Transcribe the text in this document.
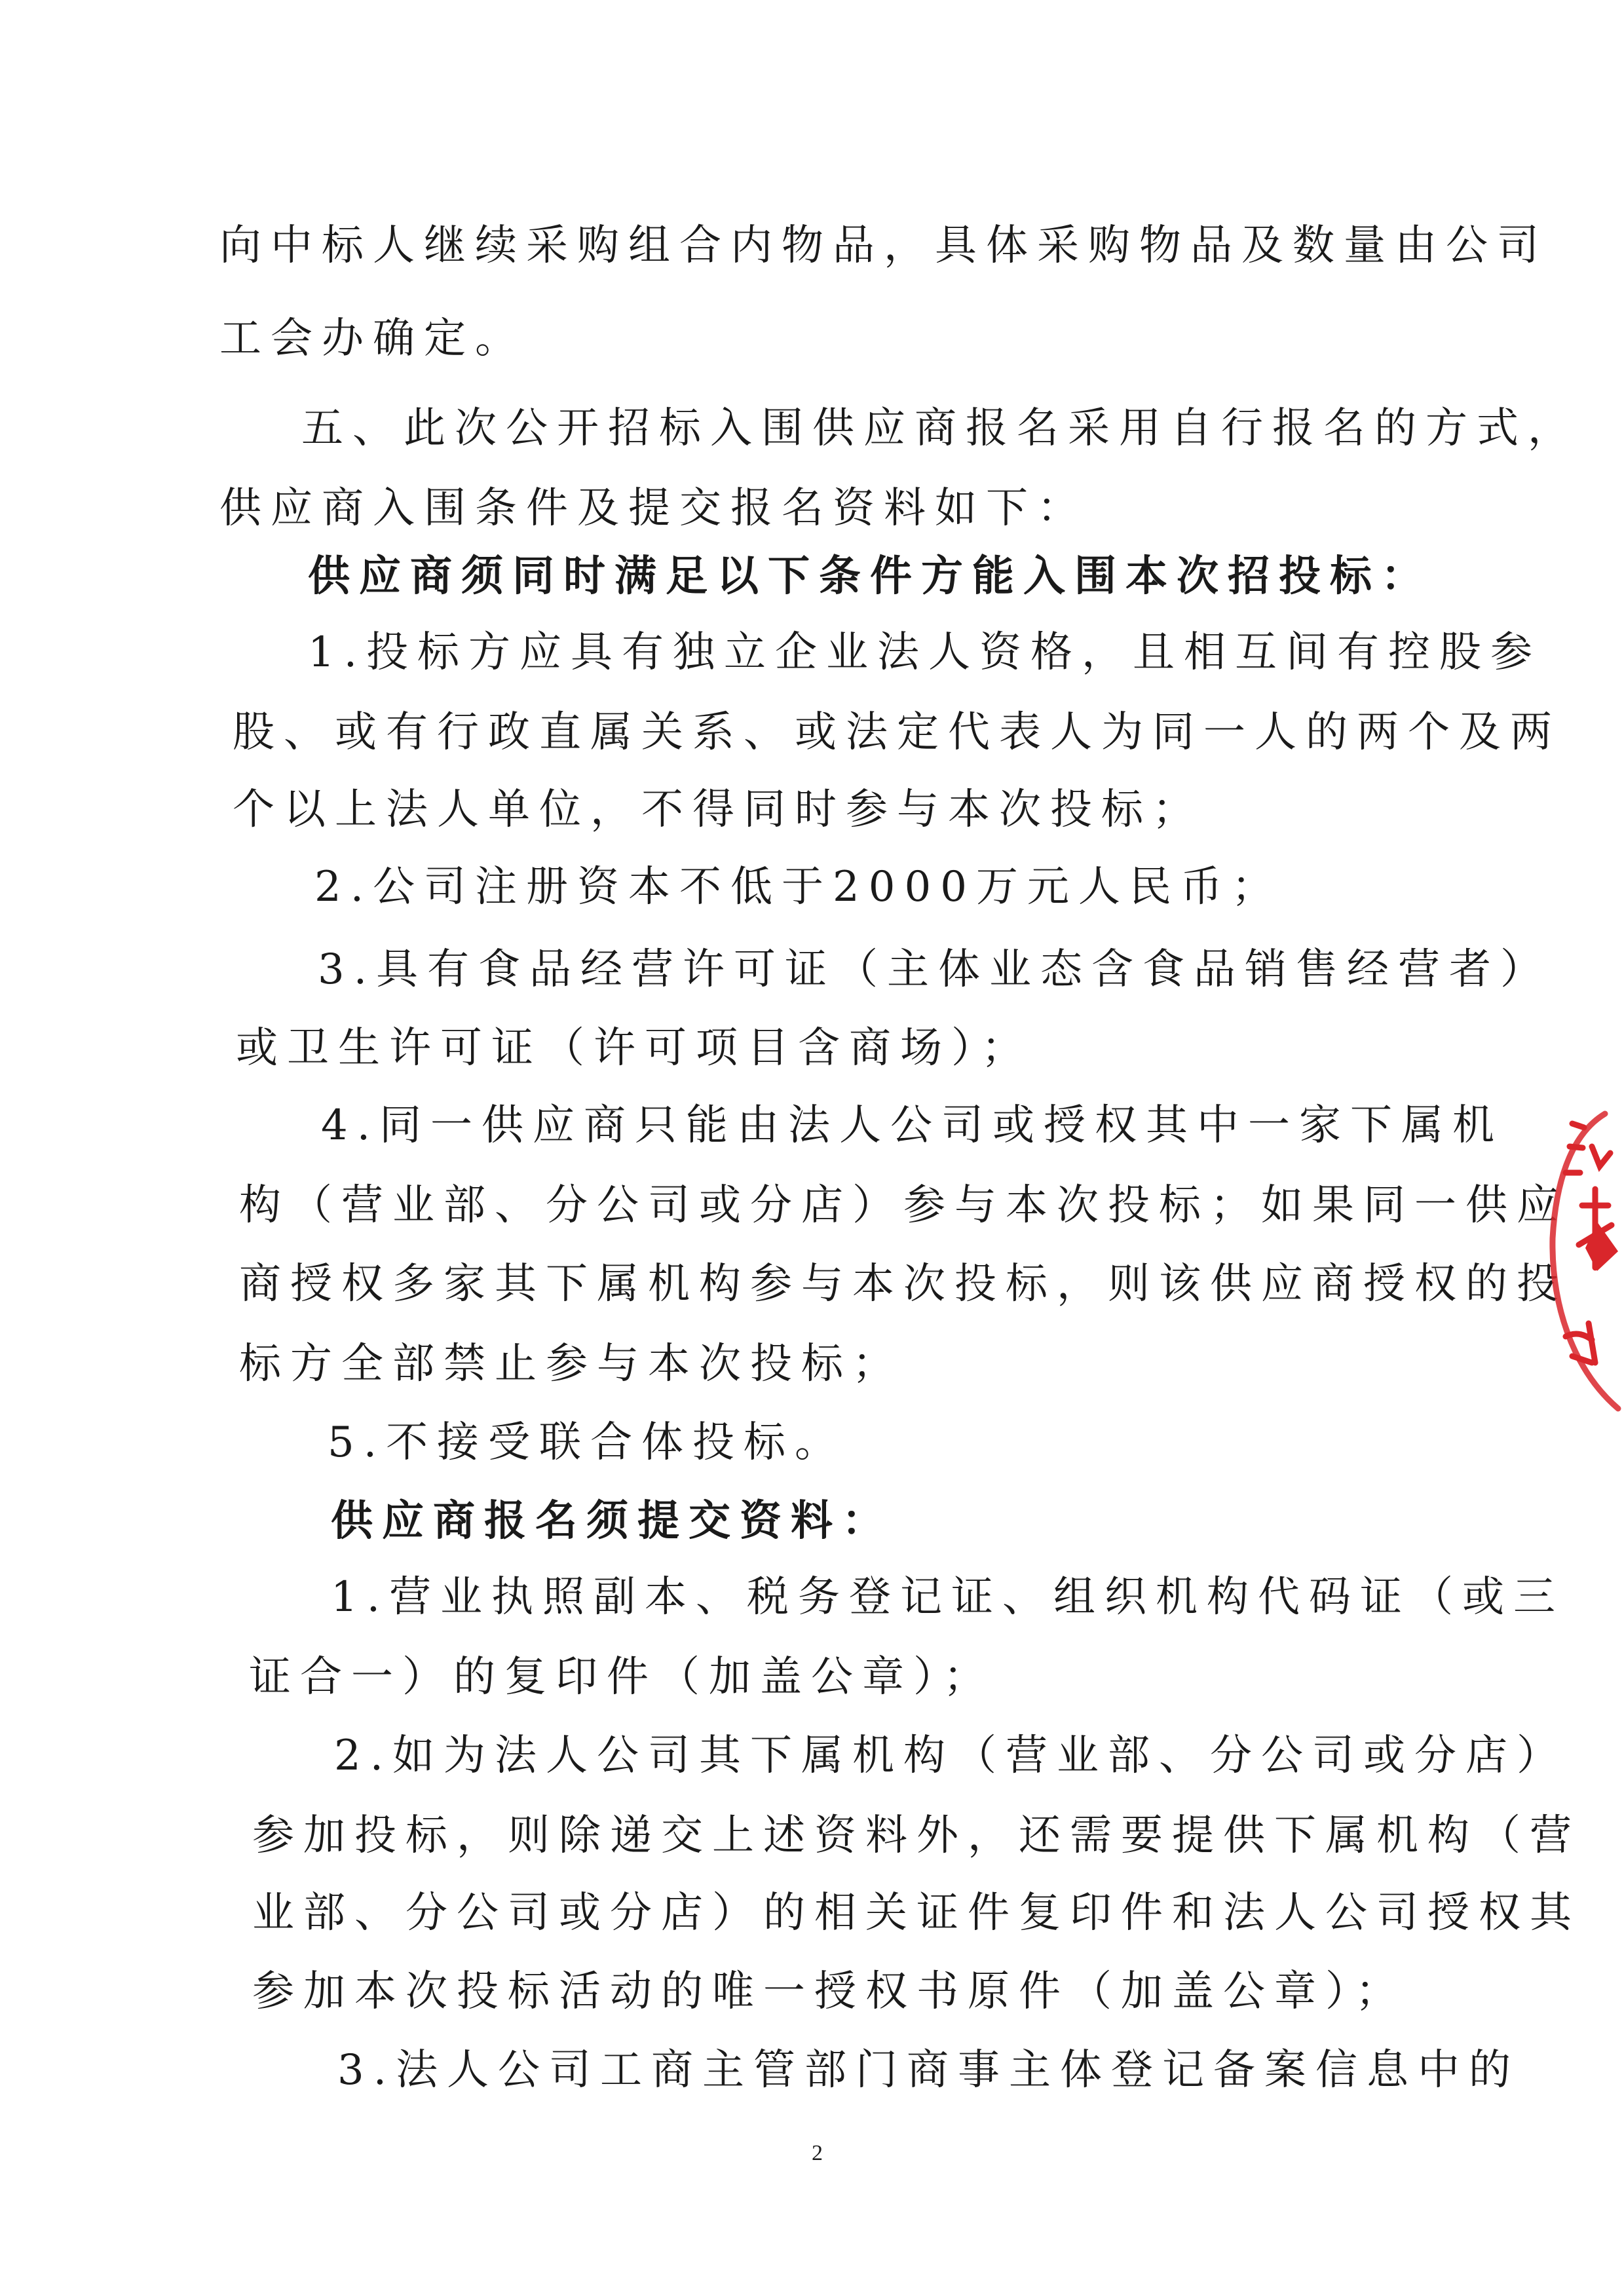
向中标人继续采购组合内物品，具体采购物品及数量由公司
工会办确定。
五、此次公开招标入围供应商报名采用自行报名的方式，
供应商入围条件及提交报名资料如下：
供应商须同时满足以下条件方能入围本次招投标：
1.投标方应具有独立企业法人资格，且相互间有控股参
股、或有行政直属关系、或法定代表人为同一人的两个及两
个以上法人单位，不得同时参与本次投标；
2.公司注册资本不低于2000万元人民币；
3.具有食品经营许可证（主体业态含食品销售经营者）
或卫生许可证（许可项目含商场）；
4.同一供应商只能由法人公司或授权其中一家下属机
构（营业部、分公司或分店）参与本次投标；如果同一供应
商授权多家其下属机构参与本次投标，则该供应商授权的投
标方全部禁止参与本次投标；
5.不接受联合体投标。
供应商报名须提交资料：
1.营业执照副本、税务登记证、组织机构代码证（或三
证合一）的复印件（加盖公章）；
2.如为法人公司其下属机构（营业部、分公司或分店）
参加投标，则除递交上述资料外，还需要提供下属机构（营
业部、分公司或分店）的相关证件复印件和法人公司授权其
参加本次投标活动的唯一授权书原件（加盖公章）；
3.法人公司工商主管部门商事主体登记备案信息中的
2
